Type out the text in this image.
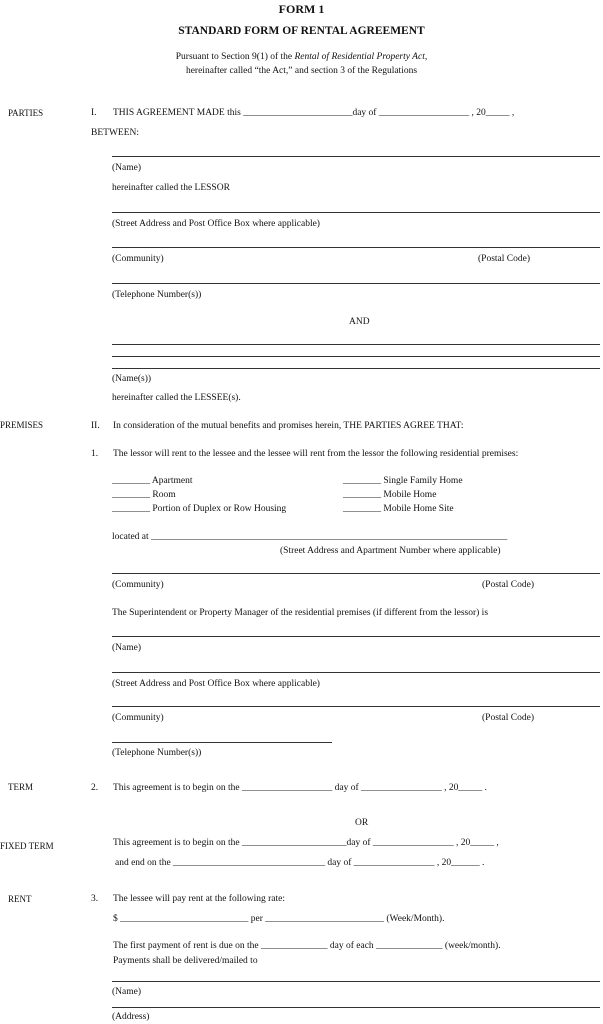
FORM 1
STANDARD FORM OF RENTAL AGREEMENT
Pursuant to Section 9(1) of the Rental of Residential Property Act,
hereinafter called “the Act,” and section 3 of the Regulations
PARTIES	I. THIS AGREEMENT MADE this _______________________day of ___________________ , 20_____ ,
BETWEEN:
(Name)
hereinafter called the LESSOR
(Street Address and Post Office Box where applicable)
(Community)	(Postal Code)
(Telephone Number(s))
AND
(Name(s))
hereinafter called the LESSEE(s).
PREMISES	II. In consideration of the mutual benefits and promises herein, THE PARTIES AGREE THAT:
1. The lessor will rent to the lessee and the lessee will rent from the lessor the following residential premises:
________ Apartment
________ Room
________ Portion of Duplex or Row Housing
________ Single Family Home
________ Mobile Home
________ Mobile Home Site
located at ___________________________________________________________________________
(Street Address and Apartment Number where applicable)
(Community)	(Postal Code)
The Superintendent or Property Manager of the residential premises (if different from the lessor) is
(Name)
(Street Address and Post Office Box where applicable)
(Community)	(Postal Code)
(Telephone Number(s))
TERM	2. This agreement is to begin on the ___________________ day of _________________ , 20_____ .
OR
FIXED TERM	This agreement is to begin on the ______________________day of _________________ , 20_____ ,
and end on the ________________________________ day of _________________ , 20______ .
RENT	3. The lessee will pay rent at the following rate:
$ ___________________________ per _________________________ (Week/Month).
The first payment of rent is due on the ______________ day of each ______________ (week/month).
Payments shall be delivered/mailed to
(Name)
(Address)
